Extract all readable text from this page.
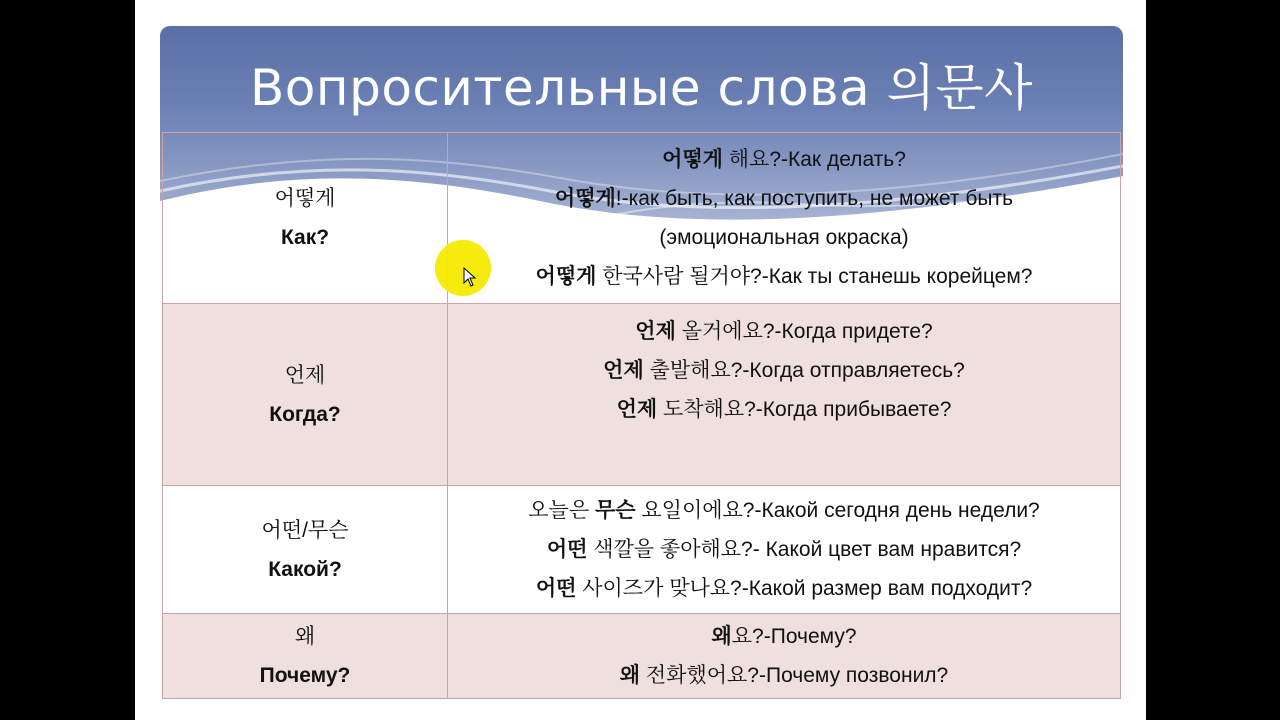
Вопросительные слова 의문사
어떻게
Как?	어떻게 해요?-Как делать?
어떻게!-как быть, как поступить, не может быть
(эмоциональная окраска)
어떻게 한국사람 될거야?-Как ты станешь корейцем?

언제
Когда?	언제 올거에요?-Когда придете?
언제 출발해요?-Когда отправляетесь?
언제 도착해요?-Когда прибываете?

어떤/무슨
Какой?	오늘은 무슨 요일이에요?-Какой сегодня день недели?
어떤 색깔을 좋아해요?- Какой цвет вам нравится?
어떤 사이즈가 맞나요?-Какой размер вам подходит?

왜
Почему?	왜요?-Почему?
왜 전화했어요?-Почему позвонил?
